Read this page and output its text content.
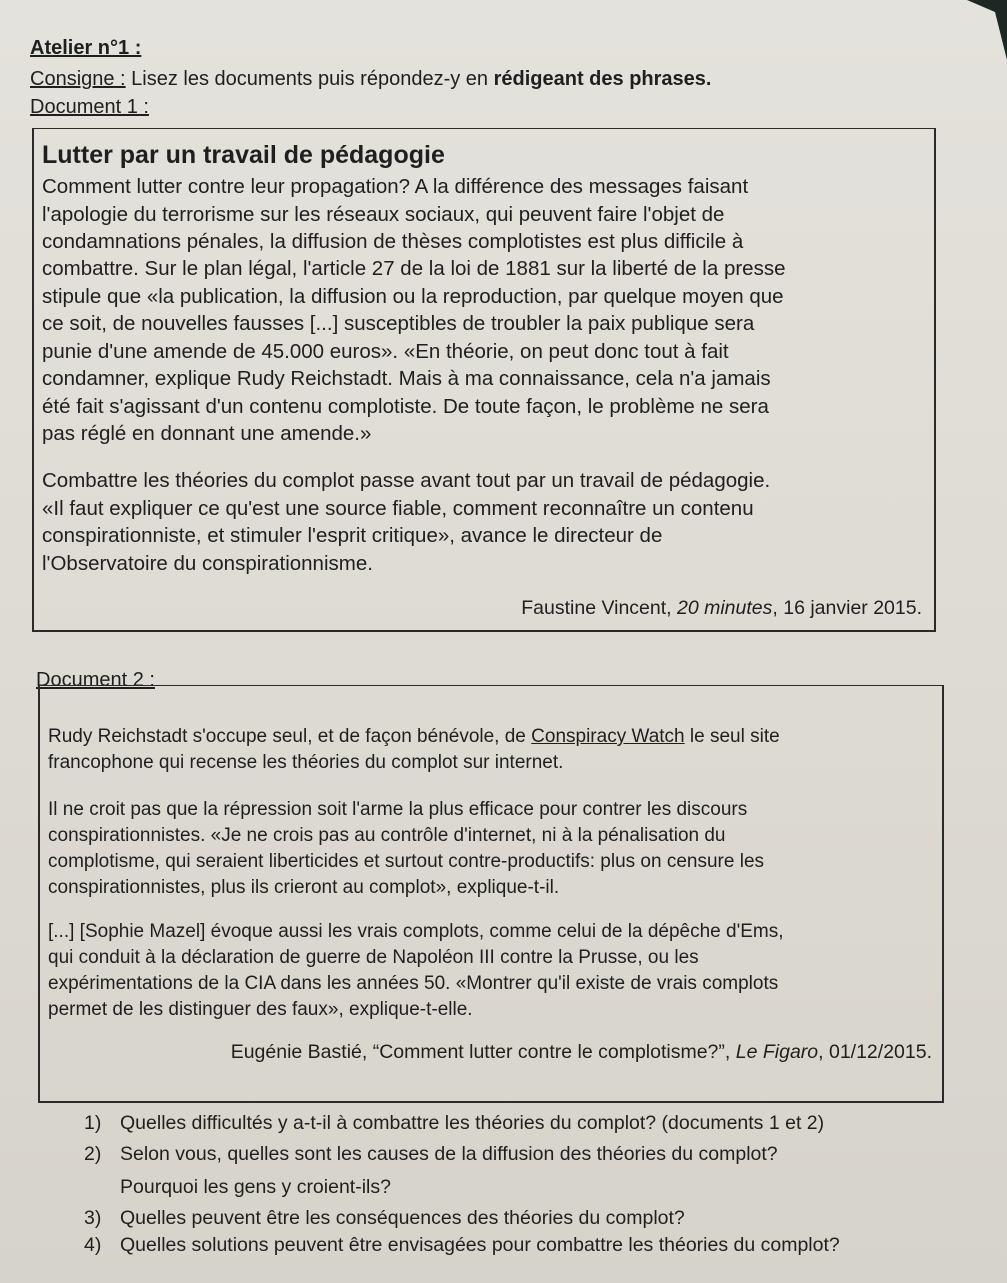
Atelier n°1 :
Consigne : Lisez les documents puis répondez-y en rédigeant des phrases.
Document 1 :
Lutter par un travail de pédagogie
Comment lutter contre leur propagation? A la différence des messages faisant
l'apologie du terrorisme sur les réseaux sociaux, qui peuvent faire l'objet de
condamnations pénales, la diffusion de thèses complotistes est plus difficile à
combattre. Sur le plan légal, l'article 27 de la loi de 1881 sur la liberté de la presse
stipule que «la publication, la diffusion ou la reproduction, par quelque moyen que
ce soit, de nouvelles fausses [...] susceptibles de troubler la paix publique sera
punie d'une amende de 45.000 euros». «En théorie, on peut donc tout à fait
condamner, explique Rudy Reichstadt. Mais à ma connaissance, cela n'a jamais
été fait s'agissant d'un contenu complotiste. De toute façon, le problème ne sera
pas réglé en donnant une amende.»
Combattre les théories du complot passe avant tout par un travail de pédagogie.
«Il faut expliquer ce qu'est une source fiable, comment reconnaître un contenu
conspirationniste, et stimuler l'esprit critique», avance le directeur de
l'Observatoire du conspirationnisme.
Faustine Vincent, 20 minutes, 16 janvier 2015.
Document 2 :
Rudy Reichstadt s'occupe seul, et de façon bénévole, de Conspiracy Watch le seul site
francophone qui recense les théories du complot sur internet.
Il ne croit pas que la répression soit l'arme la plus efficace pour contrer les discours
conspirationnistes. «Je ne crois pas au contrôle d'internet, ni à la pénalisation du
complotisme, qui seraient liberticides et surtout contre-productifs: plus on censure les
conspirationnistes, plus ils crieront au complot», explique-t-il.
[...] [Sophie Mazel] évoque aussi les vrais complots, comme celui de la dépêche d'Ems,
qui conduit à la déclaration de guerre de Napoléon III contre la Prusse, ou les
expérimentations de la CIA dans les années 50. «Montrer qu'il existe de vrais complots
permet de les distinguer des faux», explique-t-elle.
Eugénie Bastié, “Comment lutter contre le complotisme?”, Le Figaro, 01/12/2015.
1) Quelles difficultés y a-t-il à combattre les théories du complot? (documents 1 et 2)
2) Selon vous, quelles sont les causes de la diffusion des théories du complot?
Pourquoi les gens y croient-ils?
3) Quelles peuvent être les conséquences des théories du complot?
4) Quelles solutions peuvent être envisagées pour combattre les théories du complot?
